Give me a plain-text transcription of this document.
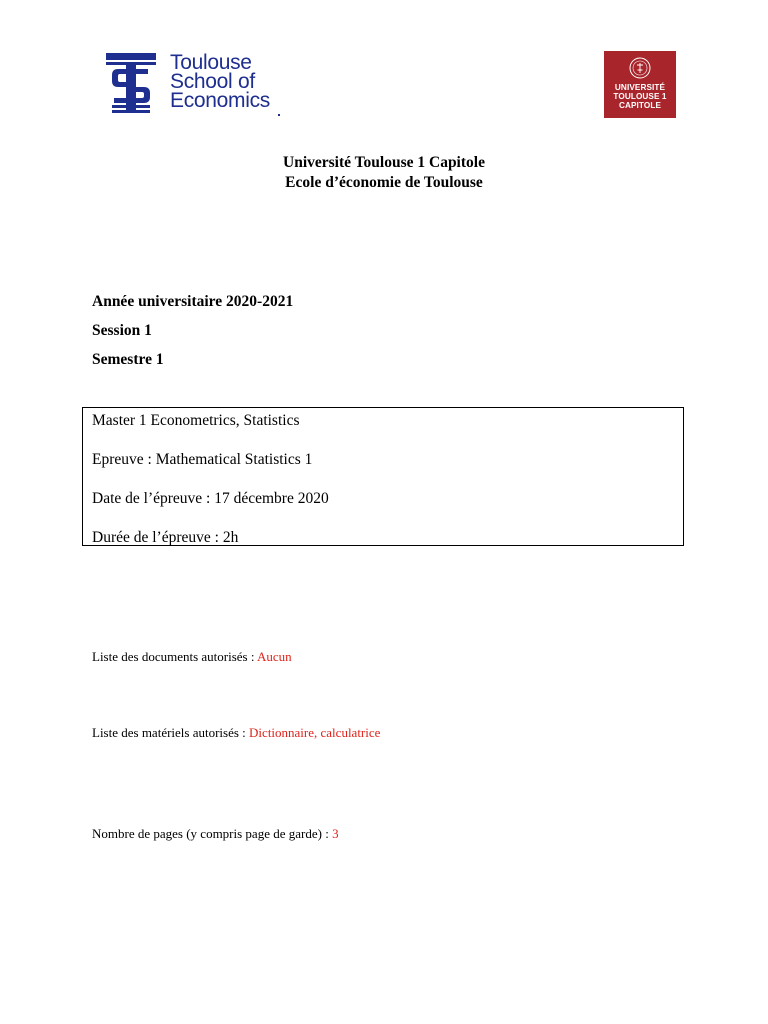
Toulouse
School of
Economics
UNIVERSITÉ
TOULOUSE 1
CAPITOLE
Université Toulouse 1 Capitole
Ecole d’économie de Toulouse
Année universitaire 2020-2021
Session 1
Semestre 1
Master 1 Econometrics, Statistics
Epreuve : Mathematical Statistics 1
Date de l’épreuve : 17 décembre 2020
Durée de l’épreuve : 2h
Liste des documents autorisés : Aucun
Liste des matériels autorisés : Dictionnaire, calculatrice
Nombre de pages (y compris page de garde) : 3
